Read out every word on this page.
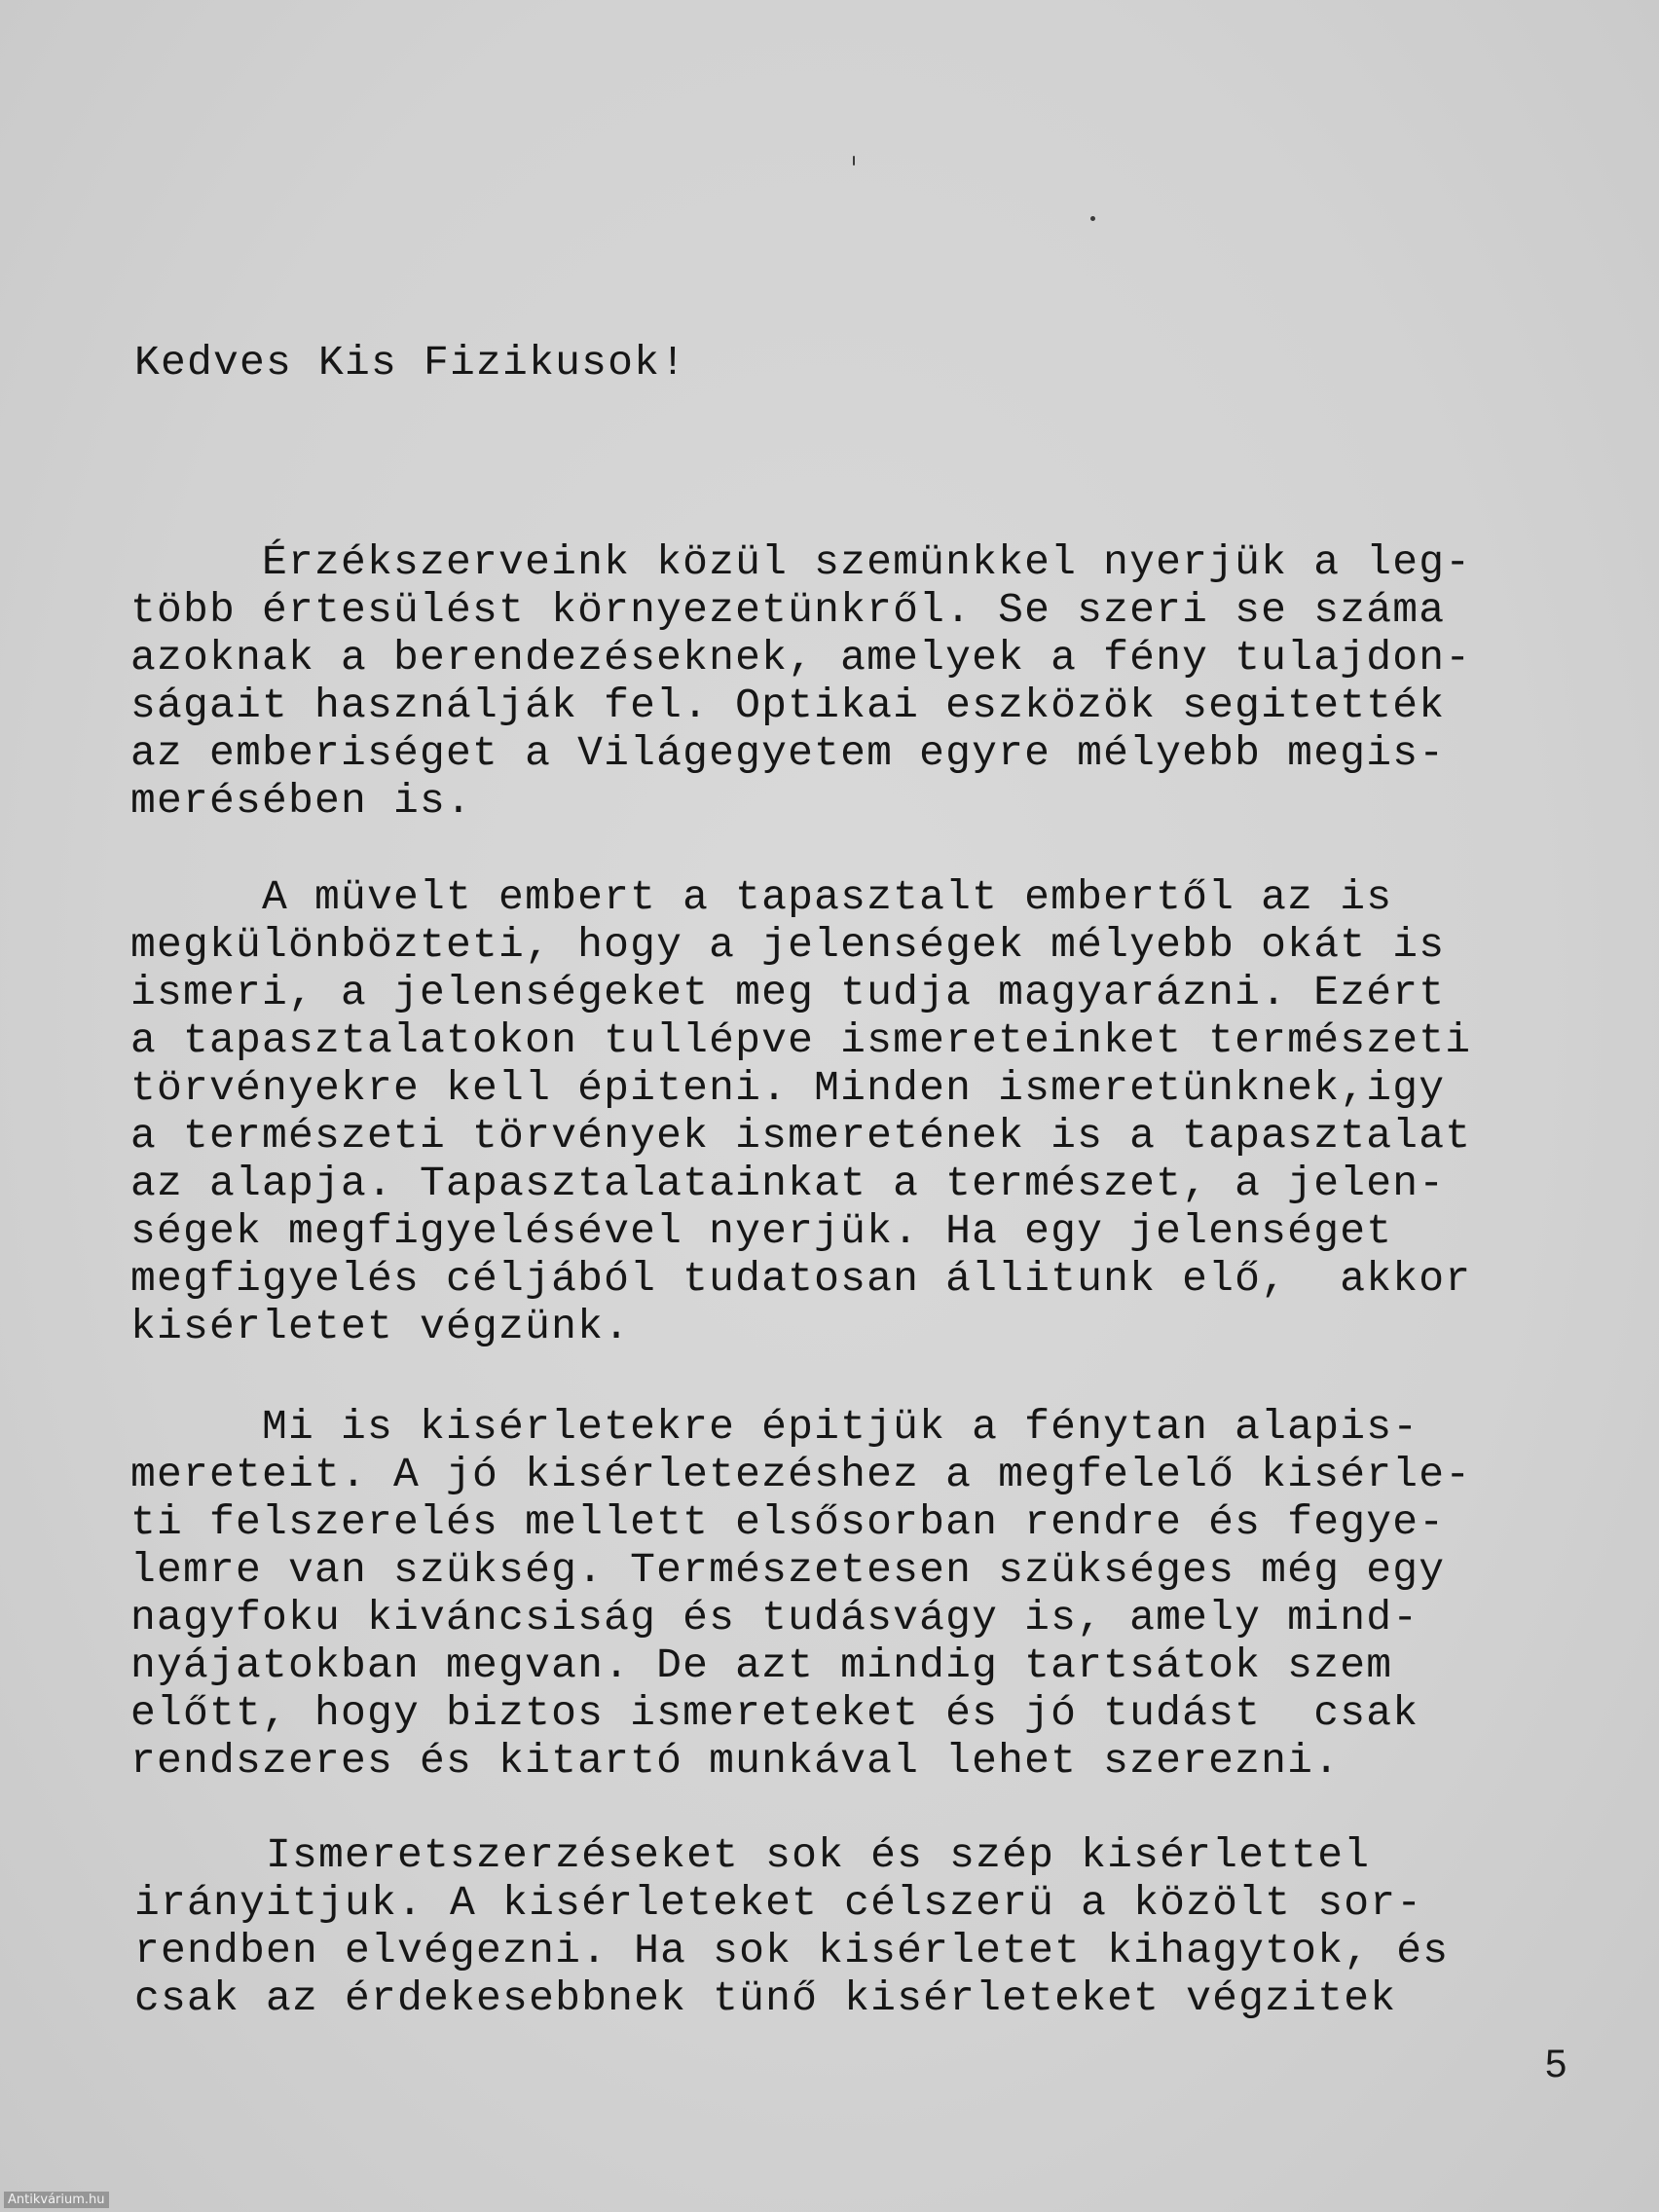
Kedves Kis Fizikusok!
Érzékszerveink közül szemünkkel nyerjük a leg-
több értesülést környezetünkről. Se szeri se száma
azoknak a berendezéseknek, amelyek a fény tulajdon-
ságait használják fel. Optikai eszközök segitették
az emberiséget a Világegyetem egyre mélyebb megis-
merésében is.
A müvelt embert a tapasztalt embertől az is
megkülönbözteti, hogy a jelenségek mélyebb okát is
ismeri, a jelenségeket meg tudja magyarázni. Ezért
a tapasztalatokon tullépve ismereteinket természeti
törvényekre kell épiteni. Minden ismeretünknek,igy
a természeti törvények ismeretének is a tapasztalat
az alapja. Tapasztalatainkat a természet, a jelen-
ségek megfigyelésével nyerjük. Ha egy jelenséget
megfigyelés céljából tudatosan állitunk elő,  akkor
kisérletet végzünk.
Mi is kisérletekre épitjük a fénytan alapis-
mereteit. A jó kisérletezéshez a megfelelő kisérle-
ti felszerelés mellett elsősorban rendre és fegye-
lemre van szükség. Természetesen szükséges még egy
nagyfoku kiváncsiság és tudásvágy is, amely mind-
nyájatokban megvan. De azt mindig tartsátok szem
előtt, hogy biztos ismereteket és jó tudást  csak
rendszeres és kitartó munkával lehet szerezni.
Ismeretszerzéseket sok és szép kisérlettel
irányitjuk. A kisérleteket célszerü a közölt sor-
rendben elvégezni. Ha sok kisérletet kihagytok, és
csak az érdekesebbnek tünő kisérleteket végzitek
5
Antikvárium.hu
